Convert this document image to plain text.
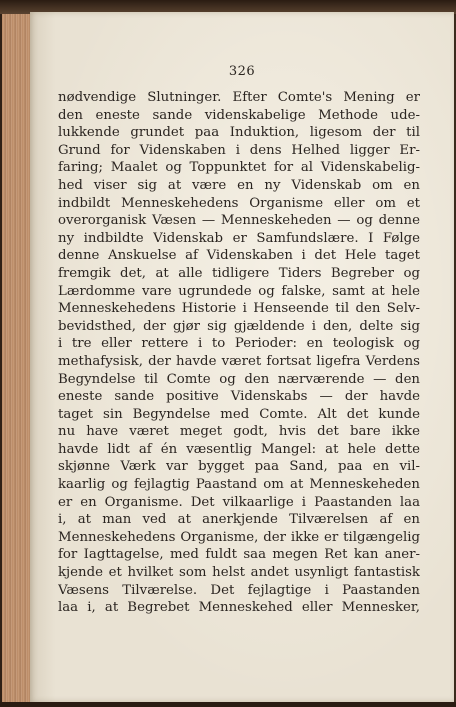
326
nødvendige Slutninger. Efter Comte's Mening er
den eneste sande videnskabelige Methode ude-
lukkende grundet paa Induktion, ligesom der til
Grund for Videnskaben i dens Helhed ligger Er-
faring; Maalet og Toppunktet for al Videnskabelig-
hed viser sig at være en ny Videnskab om en
indbildt Menneskehedens Organisme eller om et
overorganisk Væsen — Menneskeheden — og denne
ny indbildte Videnskab er Samfundslære. I Følge
denne Anskuelse af Videnskaben i det Hele taget
fremgik det, at alle tidligere Tiders Begreber og
Lærdomme vare ugrundede og falske, samt at hele
Menneskehedens Historie i Henseende til den Selv-
bevidsthed, der gjør sig gjældende i den, delte sig
i tre eller rettere i to Perioder: en teologisk og
methafysisk, der havde været fortsat ligefra Verdens
Begyndelse til Comte og den nærværende — den
eneste sande positive Videnskabs — der havde
taget sin Begyndelse med Comte. Alt det kunde
nu have været meget godt, hvis det bare ikke
havde lidt af én væsentlig Mangel: at hele dette
skjønne Værk var bygget paa Sand, paa en vil-
kaarlig og fejlagtig Paastand om at Menneskeheden
er en Organisme. Det vilkaarlige i Paastanden laa
i, at man ved at anerkjende Tilværelsen af en
Menneskehedens Organisme, der ikke er tilgængelig
for Iagttagelse, med fuldt saa megen Ret kan aner-
kjende et hvilket som helst andet usynligt fantastisk
Væsens Tilværelse. Det fejlagtige i Paastanden
laa i, at Begrebet Menneskehed eller Mennesker,
